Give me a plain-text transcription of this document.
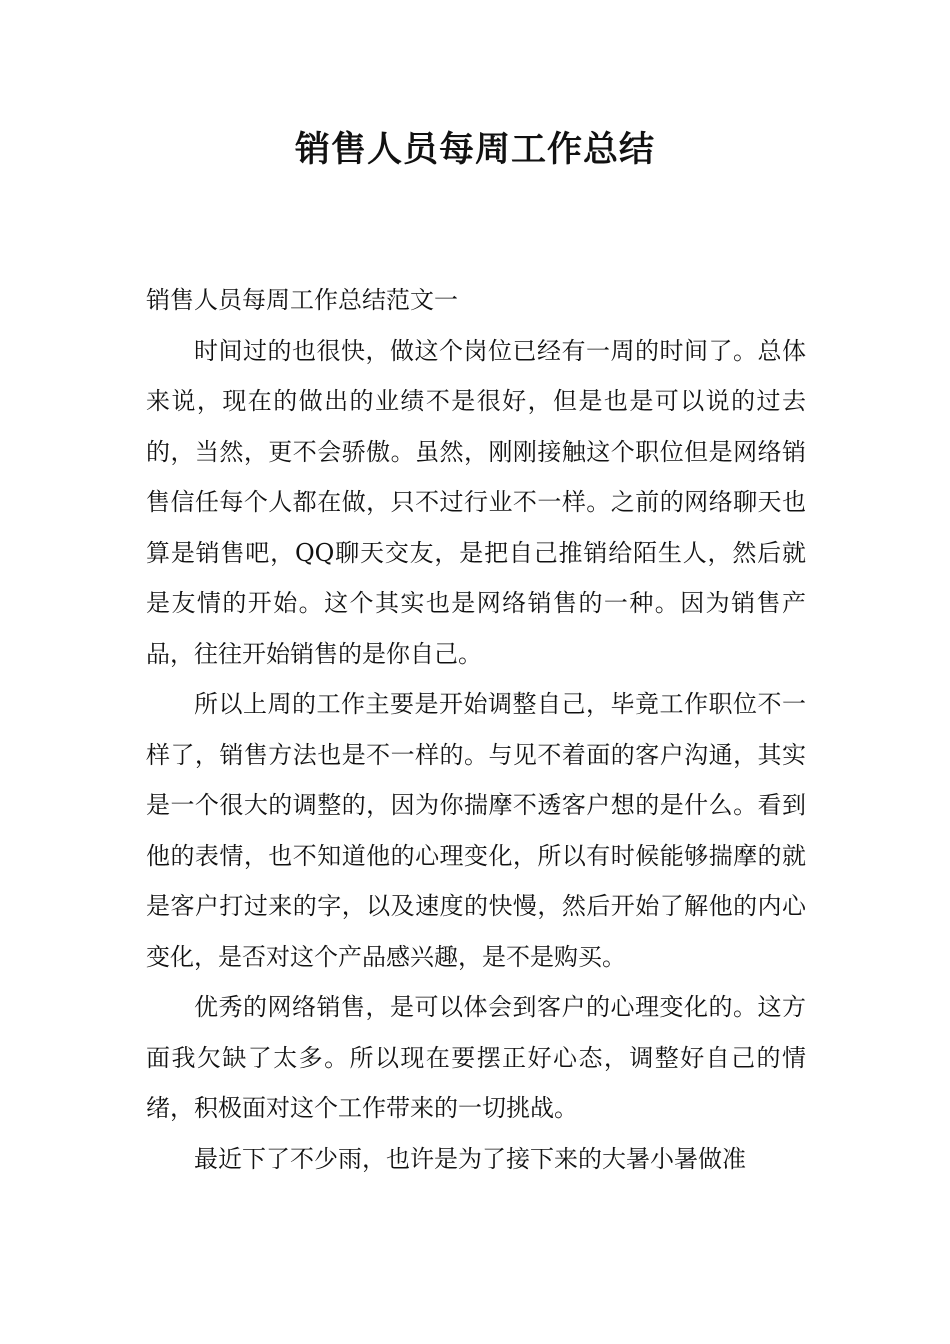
销售人员每周工作总结

销售人员每周工作总结范文一

时间过的也很快，做这个岗位已经有一周的时间了。总体来说，现在的做出的业绩不是很好，但是也是可以说的过去的，当然，更不会骄傲。虽然，刚刚接触这个职位但是网络销售信任每个人都在做，只不过行业不一样。之前的网络聊天也算是销售吧，QQ聊天交友，是把自己推销给陌生人，然后就是友情的开始。这个其实也是网络销售的一种。因为销售产品，往往开始销售的是你自己。

所以上周的工作主要是开始调整自己，毕竟工作职位不一样了，销售方法也是不一样的。与见不着面的客户沟通，其实是一个很大的调整的，因为你揣摩不透客户想的是什么。看到他的表情，也不知道他的心理变化，所以有时候能够揣摩的就是客户打过来的字，以及速度的快慢，然后开始了解他的内心变化，是否对这个产品感兴趣，是不是购买。

优秀的网络销售，是可以体会到客户的心理变化的。这方面我欠缺了太多。所以现在要摆正好心态，调整好自己的情绪，积极面对这个工作带来的一切挑战。

最近下了不少雨，也许是为了接下来的大暑小暑做准
